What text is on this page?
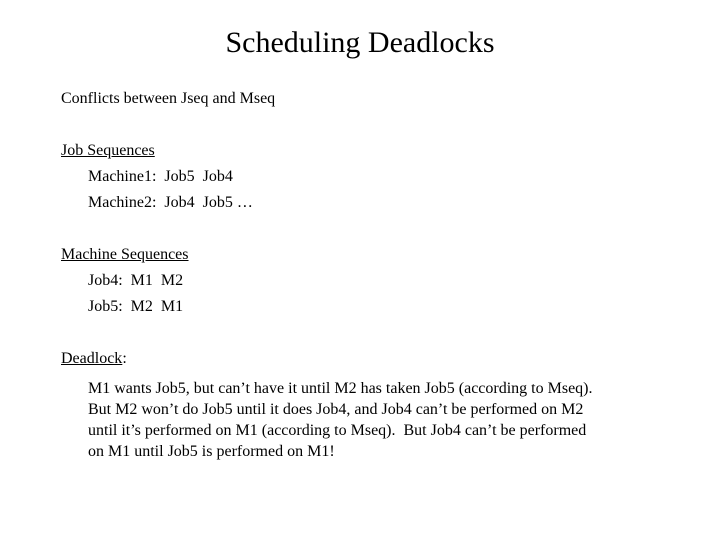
Scheduling Deadlocks
Conflicts between Jseq and Mseq
Job Sequences
Machine1:  Job5  Job4
Machine2:  Job4  Job5 …
Machine Sequences
Job4:  M1  M2
Job5:  M2  M1
Deadlock:
M1 wants Job5, but can’t have it until M2 has taken Job5 (according to Mseq).
But M2 won’t do Job5 until it does Job4, and Job4 can’t be performed on M2
until it’s performed on M1 (according to Mseq).  But Job4 can’t be performed
on M1 until Job5 is performed on M1!
